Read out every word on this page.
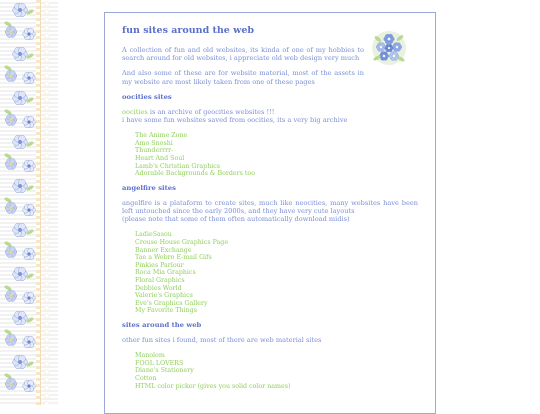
fun sites around the web

A collection of fun and old websites, its kinda of one of my hobbies to search around for old websites, i appreciate old web design very much

And also some of these are for website material, most of the assets in my website are most likely taken from one of these pages

oocities sites

oocities is an archive of geocities websites !!!
i have some fun websites saved from oocities, its a very big archive

The Anime Zone
Amo Snoshi
Thunderrrr-
Heart And Soul
Lamb's Christian Graphics
Adorable Backgrounds & Borders too
angelfire sites

angelfire is a plataform to create sites, much like neocities, many websites have been left untouched since the early 2000s, and they have very cute layouts
(please note that some of them often automatically download midis)

LadieSasou
Crouse House Graphics Page
Banner Exchange
Tae a Webro E-mail Gifs
Pinkies Parlour
Roca Mia Graphics
Floral Graphics
Debbies World
Valerie's Graphics
Eve's Graphics Gallery
My Favorite Things
sites around the web

other fun sites i found, most of there are web material sites

Manolom
FOOL LOVERS
Diane's Stationery
Cotton
HTML color picker (gives you solid color names)
